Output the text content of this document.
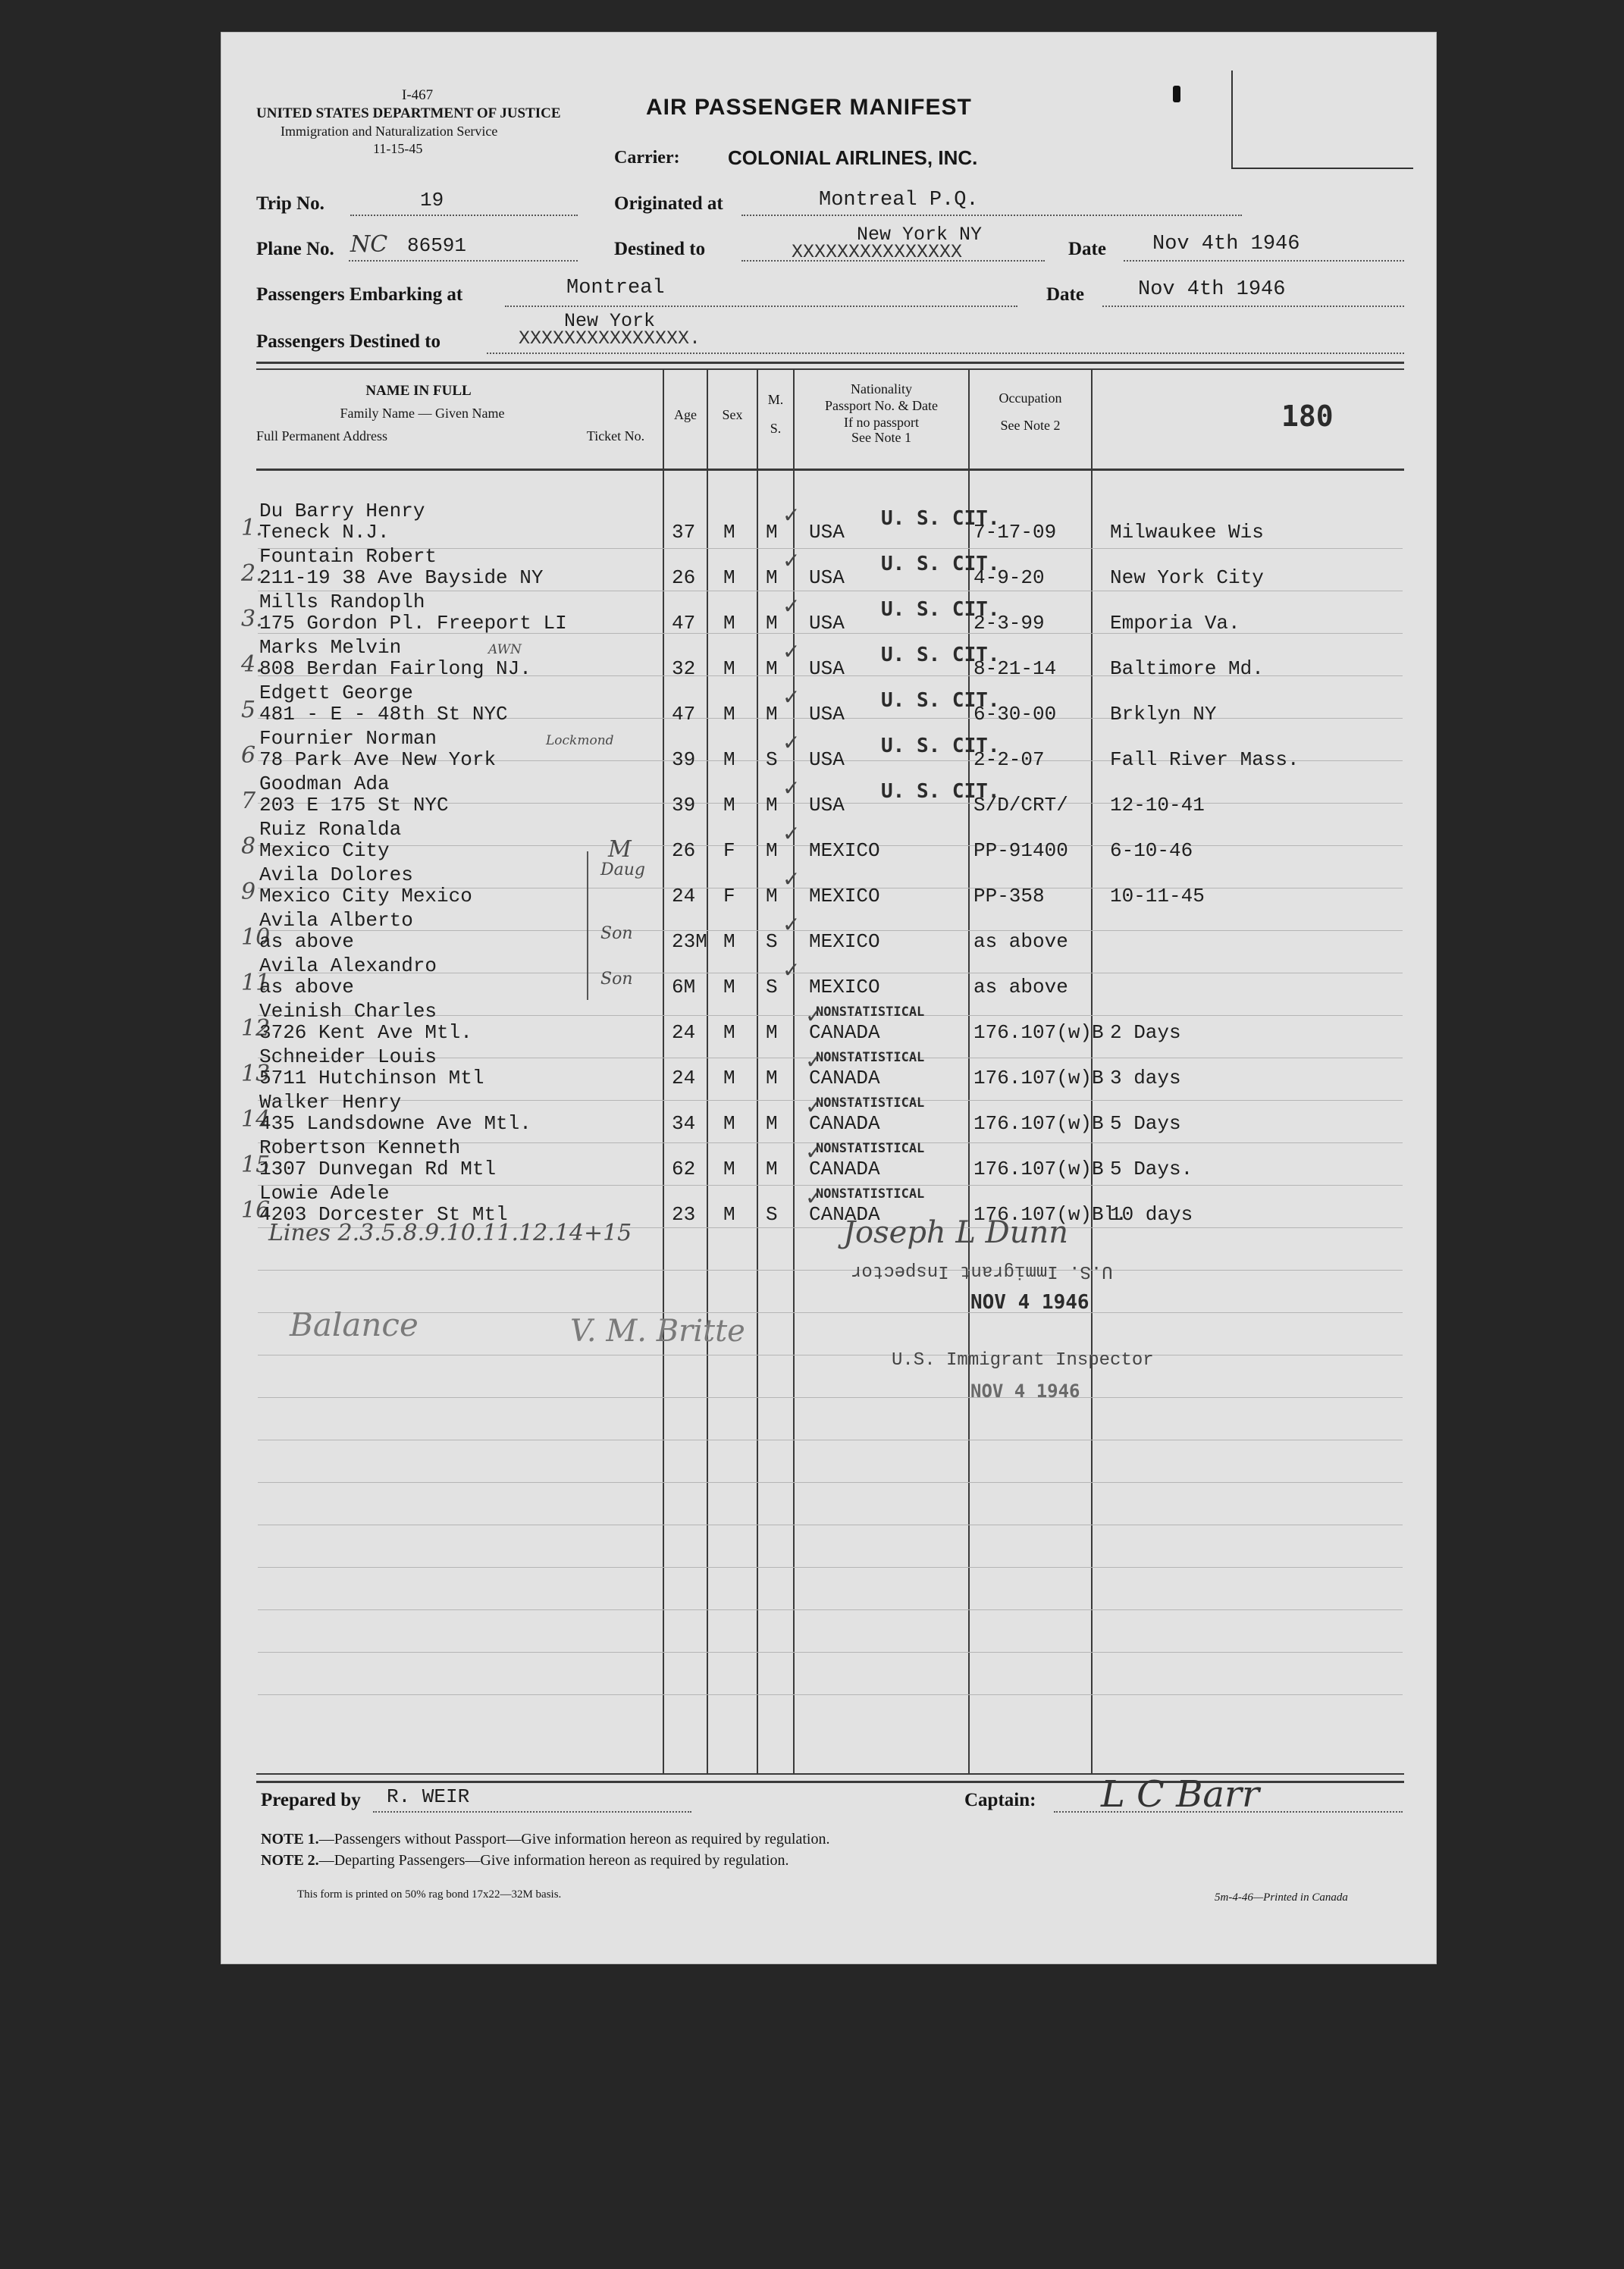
I-467
UNITED STATES DEPARTMENT OF JUSTICE
Immigration and Naturalization Service
11-15-45
AIR PASSENGER MANIFEST
Carrier: COLONIAL AIRLINES, INC.
Trip No.	19	Originated at	Montreal P.Q.
Plane No. NC 86591	Destined to
New York NY
XXXXXXXXXXXXXXX	Date Nov 4th 1946
Passengers Embarking at	Montreal	Date	Nov 4th 1946
Passengers Destined to
New York
XXXXXXXXXXXXXXX.
NAME IN FULL
Family Name — Given Name
Full Permanent Address	Ticket No.
Age	Sex
M.
S.
Nationality
Passport No. & Date
If no passport
See Note 1
Occupation
See Note 2	180
1.
Du Barry Henry
Teneck N.J.	37 M M USA	7-17-09	Milwaukee Wis
U. S. CIT.
✓
2.
Fountain Robert
211-19 38 Ave Bayside NY	26 M M USA	4-9-20	New York City
U. S. CIT.
✓
3.
Mills Randoplh
175 Gordon Pl. Freeport LI	47 M M USA	2-3-99	Emporia Va.
U. S. CIT.
✓
4.
Marks Melvin
808 Berdan Fairlong NJ.	32 M M USA	8-21-14	Baltimore Md.
U. S. CIT.
AWN	✓
5
Edgett George
481 - E - 48th St NYC	47 M M USA	6-30-00	Brklyn NY
U. S. CIT.
✓
6
Fournier Norman
78 Park Ave New York	39 M S USA	2-2-07	Fall River Mass.
U. S. CIT.
Lockmond	✓
7
Goodman Ada
203 E 175 St NYC	39 M M USA	S/D/CRT/ 12-10-41
U. S. CIT.
✓
8
Ruiz Ronalda
Mexico City	26 F M MEXICO	PP-91400 6-10-46
✓
9
Avila Dolores
Mexico City Mexico	24 F M MEXICO	PP-358	10-11-45
✓
10
Avila Alberto
as above	23M M S MEXICO	as above
✓
11
Avila Alexandro
as above	6M M S MEXICO	as above
✓
12
Veinish Charles
3726 Kent Ave Mtl.	24 M M CANADA	176.107(w)B 2 Days
NONSTATISTICAL
✓
13
Schneider Louis
5711 Hutchinson Mtl	24 M M CANADA	176.107(w)B 3 days
NONSTATISTICAL
✓
14
Walker Henry
435 Landsdowne Ave Mtl.	34 M M CANADA	176.107(w)B 5 Days
NONSTATISTICAL
✓
15
Robertson Kenneth
1307 Dunvegan Rd Mtl	62 M M CANADA	176.107(w)B 5 Days.
NONSTATISTICAL
✓
16
Lowie Adele
4203 Dorcester St Mtl	23 M S CANADA	176.107(w)Bl.
10 days
NONSTATISTICAL
✓
M
Daug
Son
Son
Lines 2.3.5.8.9.10.11.12.14+15	Joseph L Dunn
U.S. Immigrant Inspector
NOV 4 1946
Balance	V. M. Britte
U.S. Immigrant Inspector
NOV 4 1946
Prepared by R. WEIR	Captain: L C Barr
NOTE 1.—Passengers without Passport—Give information hereon as required by regulation.
NOTE 2.—Departing Passengers—Give information hereon as required by regulation.
This form is printed on 50% rag bond 17x22—32M basis.	5m-4-46—Printed in Canada
